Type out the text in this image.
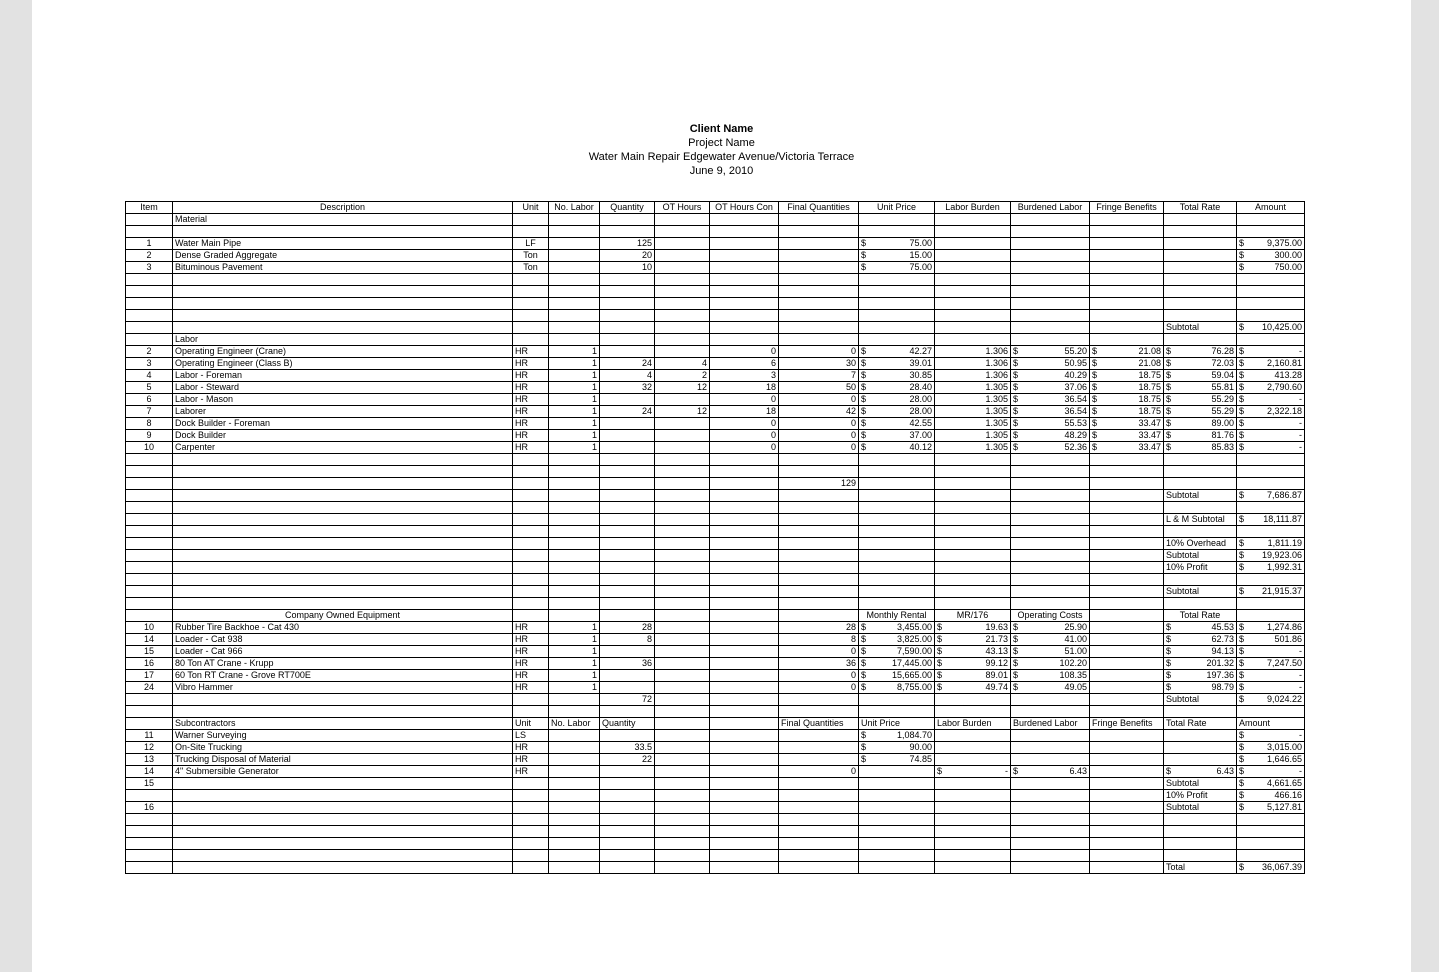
Client Name
Project Name
Water Main Repair Edgewater Avenue/Victoria Terrace
June 9, 2010
Item	Description	Unit	No. Labor	Quantity	OT Hours	OT Hours Con	Final Quantities	Unit Price	Labor Burden	Burdened Labor	Fringe Benefits	Total Rate	Amount
	Material												

1	Water Main Pipe	LF		125				$ 75.00					$ 9,375.00

2	Dense Graded Aggregate	Ton		20				$ 15.00					$ 300.00

3	Bituminous Pavement	Ton		10				$ 75.00					$ 750.00

												Subtotal	$ 10,425.00

	Labor												
2	Operating Engineer (Crane)	HR	1			0	0	$ 42.27	1.306	$ 55.20	$ 21.08	$ 76.28	$ -

3	Operating Engineer (Class B)	HR	1	24	4	6	30	$ 39.01	1.306	$ 50.95	$ 21.08	$ 72.03	$ 2,160.81

4	Labor - Foreman	HR	1	4	2	3	7	$ 30.85	1.306	$ 40.29	$ 18.75	$ 59.04	$ 413.28

5	Labor - Steward	HR	1	32	12	18	50	$ 28.40	1.305	$ 37.06	$ 18.75	$ 55.81	$ 2,790.60

6	Labor - Mason	HR	1			0	0	$ 28.00	1.305	$ 36.54	$ 18.75	$ 55.29	$ -

7	Laborer	HR	1	24	12	18	42	$ 28.00	1.305	$ 36.54	$ 18.75	$ 55.29	$ 2,322.18

8	Dock Builder - Foreman	HR	1			0	0	$ 42.55	1.305	$ 55.53	$ 33.47	$ 89.00	$ -

9	Dock Builder	HR	1			0	0	$ 37.00	1.305	$ 48.29	$ 33.47	$ 81.76	$ -

10	Carpenter	HR	1			0	0	$ 40.12	1.305	$ 52.36	$ 33.47	$ 85.83	$ -

							129						
												Subtotal	$ 7,686.87

												L & M Subtotal	$ 18,111.87

												10% Overhead	$ 1,811.19

												Subtotal	$ 19,923.06

												10% Profit	$ 1,992.31

												Subtotal	$ 21,915.37

	Company Owned Equipment							Monthly Rental	MR/176	Operating Costs		Total Rate	
10	Rubber Tire Backhoe - Cat 430	HR	1	28			28	$ 3,455.00	$ 19.63	$ 25.90		$ 45.53	$ 1,274.86

14	Loader - Cat 938	HR	1	8			8	$ 3,825.00	$ 21.73	$ 41.00		$ 62.73	$ 501.86

15	Loader - Cat 966	HR	1				0	$ 7,590.00	$ 43.13	$ 51.00		$ 94.13	$ -

16	80 Ton AT Crane - Krupp	HR	1	36			36	$ 17,445.00	$ 99.12	$ 102.20		$ 201.32	$ 7,247.50

17	60 Ton RT Crane - Grove RT700E	HR	1				0	$ 15,665.00	$ 89.01	$ 108.35		$ 197.36	$ -

24	Vibro Hammer	HR	1				0	$ 8,755.00	$ 49.74	$ 49.05		$ 98.79	$ -

				72								Subtotal	$ 9,024.22

	Subcontractors	Unit	No. Labor	Quantity			Final Quantities	Unit Price	Labor Burden	Burdened Labor	Fringe Benefits	Total Rate	Amount
11	Warner Surveying	LS						$ 1,084.70					$ -

12	On-Site Trucking	HR		33.5				$ 90.00					$ 3,015.00

13	Trucking Disposal of Material	HR		22				$ 74.85					$ 1,646.65

14	4" Submersible Generator	HR					0		$ -	$ 6.43		$ 6.43	$ -

15												Subtotal	$ 4,661.65

												10% Profit	$ 466.16

16												Subtotal	$ 5,127.81

												Total	$ 36,067.39
